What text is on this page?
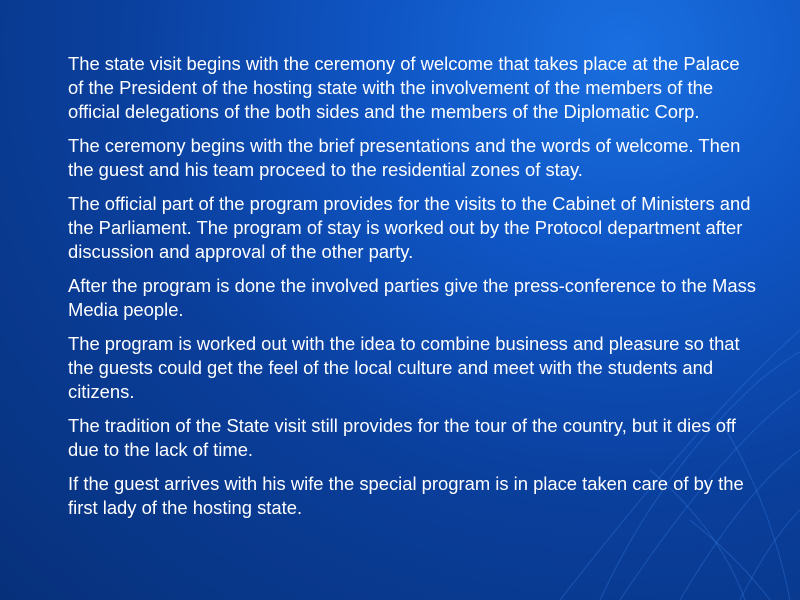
The state visit begins with the ceremony of welcome that takes place at the Palace of the President of the hosting state with the involvement of the members of the official delegations of the both sides and the members of the Diplomatic Corp.

The ceremony begins with the brief presentations and the words of welcome. Then the guest and his team proceed to the residential zones of stay.

The official part of the program provides for the visits to the Cabinet of Ministers and the Parliament. The program of stay is worked out by the Protocol department after discussion and approval of the other party.

After the program is done the involved parties give the press-conference to the Mass Media people.

The program is worked out with the idea to combine business and pleasure so that the guests could get the feel of the local culture and meet with the students and citizens.

The tradition of the State visit still provides for the tour of the country, but it dies off due to the lack of time.

If the guest arrives with his wife the special program is in place taken care of by the first lady of the hosting state.
